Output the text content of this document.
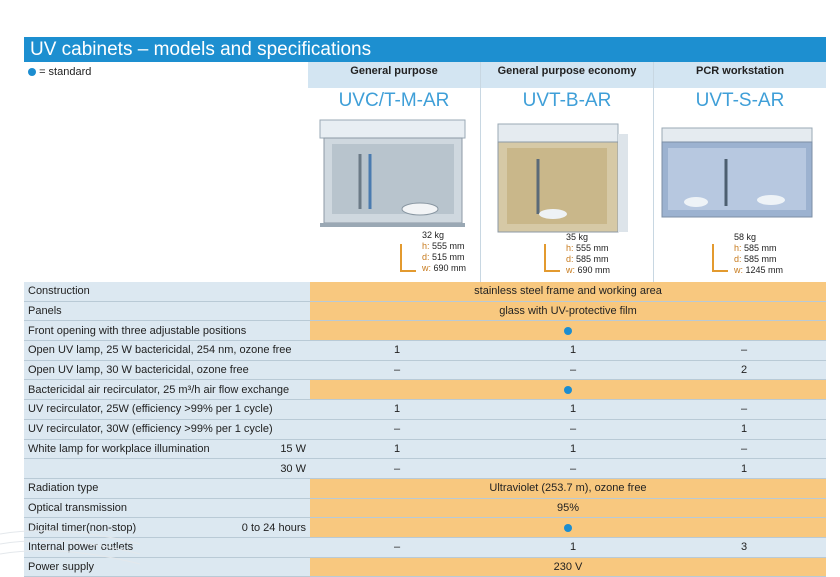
UV cabinets – models and specifications
= standard	General purpose	General purpose economy	PCR workstation
UVC/T-M-AR	UVT-B-AR	UVT-S-AR
32 kg
h: 555 mm
d: 515 mm
w: 690 mm
35 kg
h: 555 mm
d: 585 mm
w: 690 mm
58 kg
h: 585 mm
d: 585 mm
w: 1245 mm
Construction	stainless steel frame and working area		
Panels	glass with UV-protective film		
Front opening with three adjustable positions			
Open UV lamp, 25 W bactericidal, 254 nm, ozone free	1	1	–
Open UV lamp, 30 W bactericidal, ozone free	–	–	2
Bactericidal air recirculator, 25 m³/h air flow exchange			
UV recirculator, 25W (efficiency >99% per 1 cycle)	1	1	–
UV recirculator, 30W (efficiency >99% per 1 cycle)	–	–	1
White lamp for workplace illumination 15 W	1	1	–

30 W	–	–	1
Radiation type	Ultraviolet (253.7 m), ozone free		
Optical transmission	95%		
Digital timer(non-stop) 0 to 24 hours			

Internal power outlets	–	1	3
Power supply	230 V		
